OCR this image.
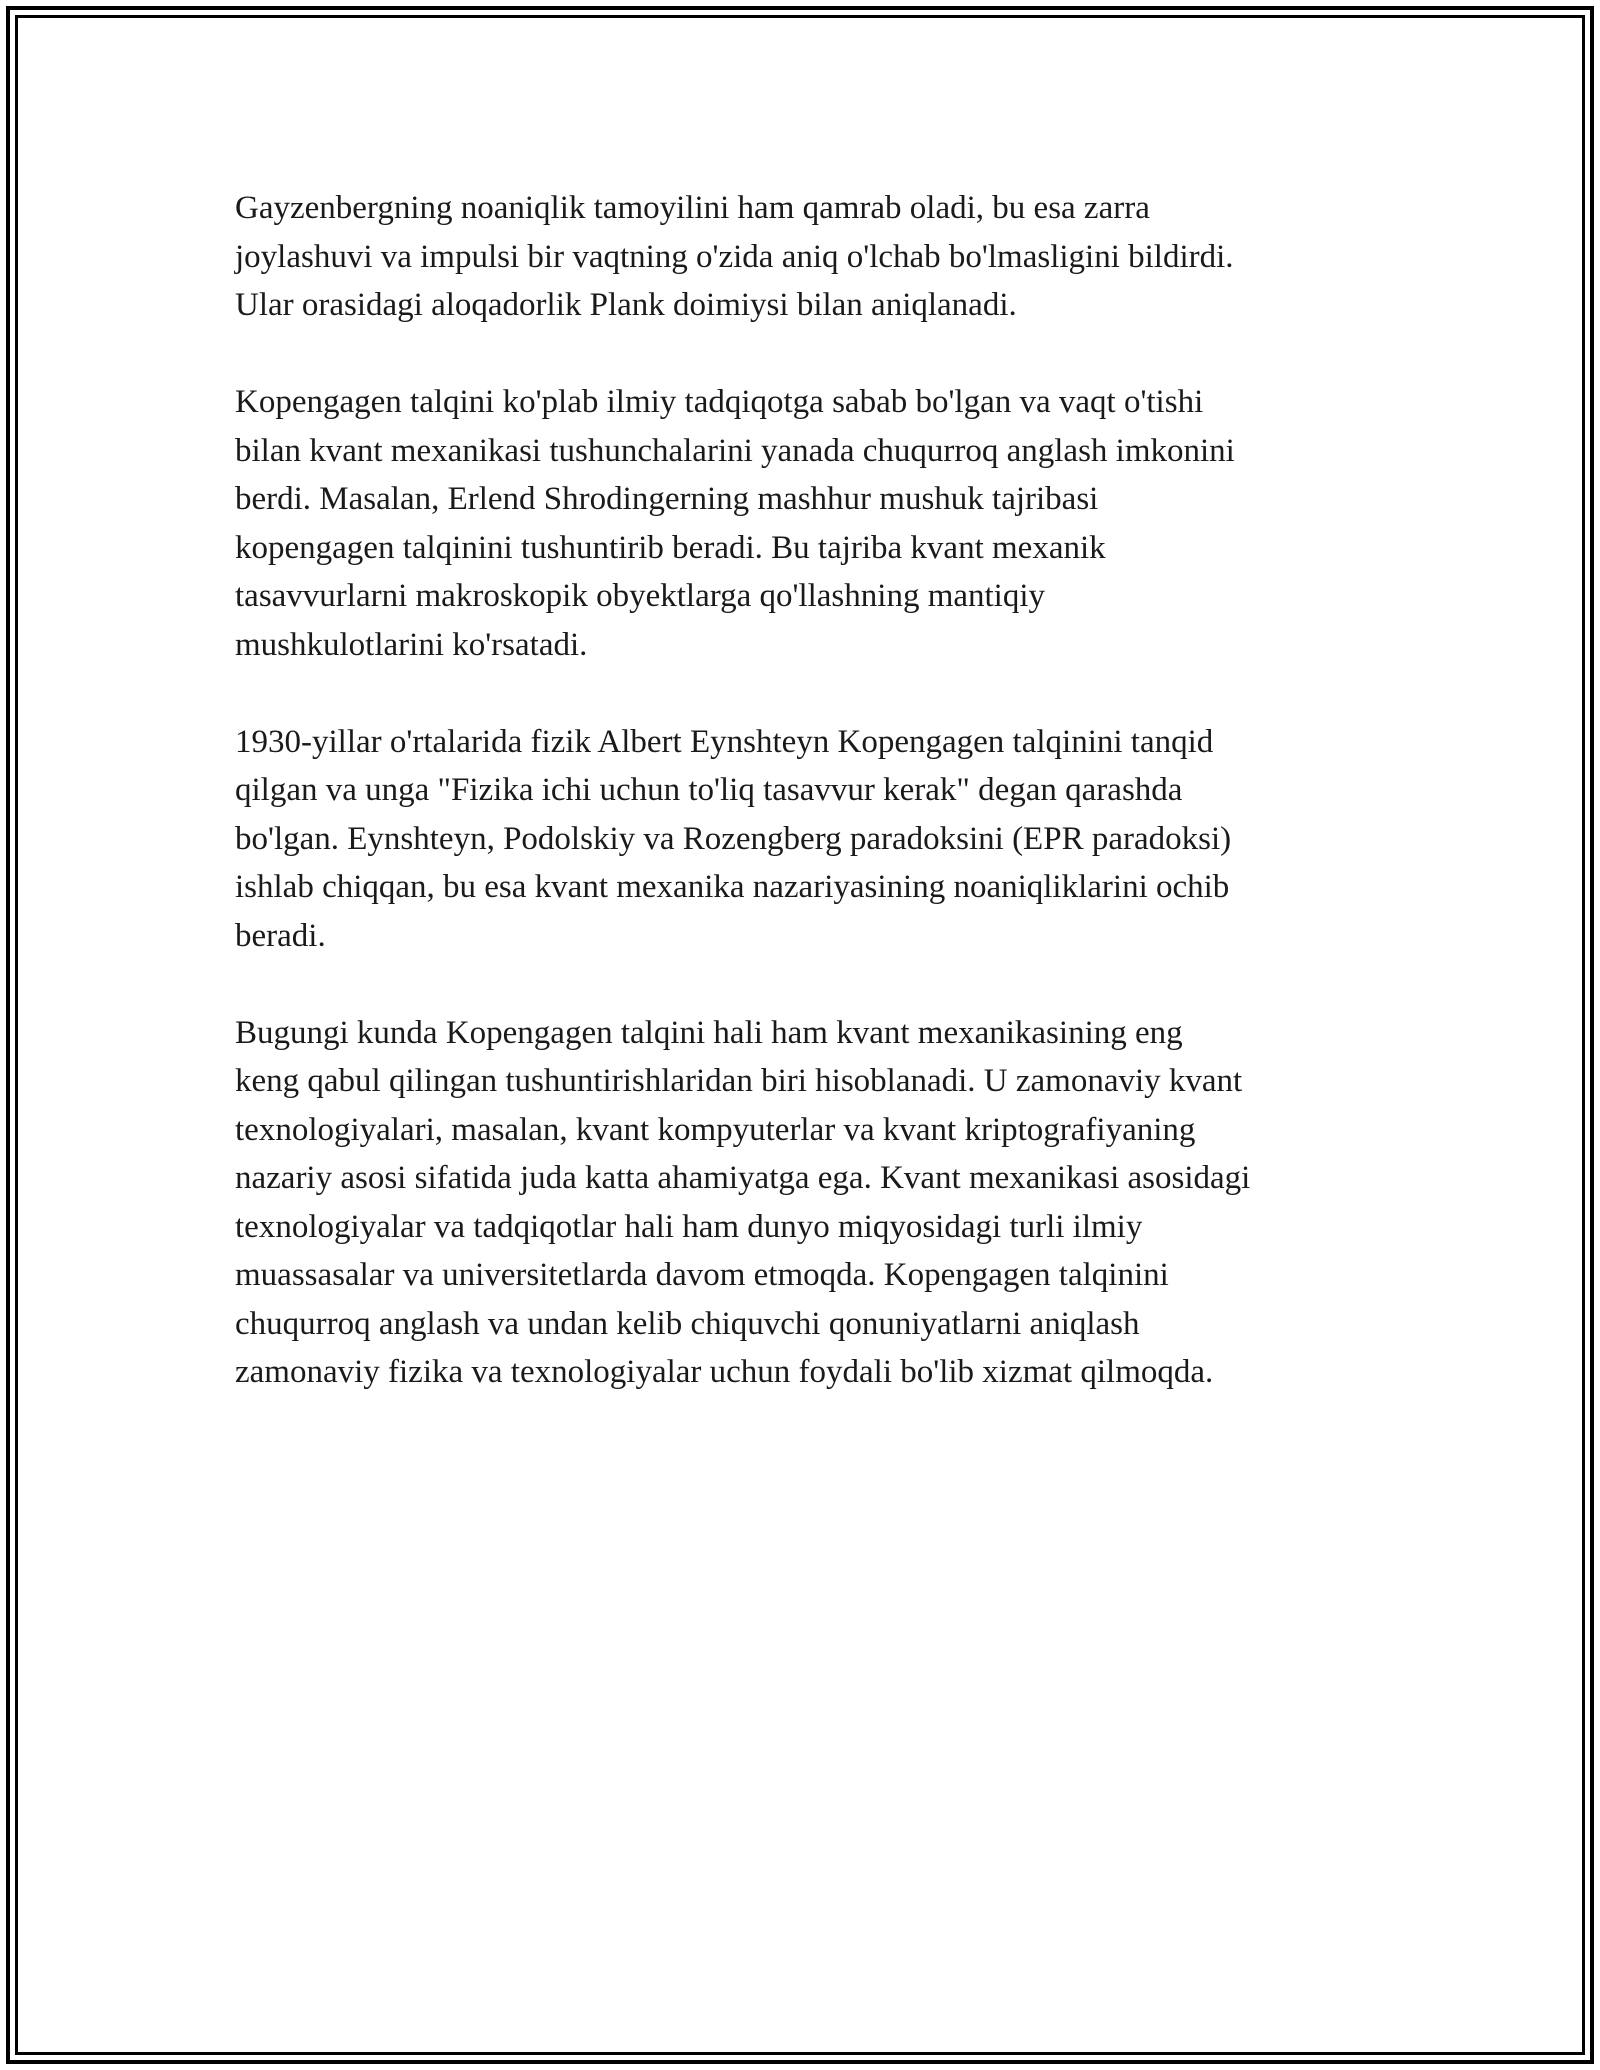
Gayzenbergning noaniqlik tamoyilini ham qamrab oladi, bu esa zarra
joylashuvi va impulsi bir vaqtning o'zida aniq o'lchab bo'lmasligini bildirdi.
Ular orasidagi aloqadorlik Plank doimiysi bilan aniqlanadi.

Kopengagen talqini ko'plab ilmiy tadqiqotga sabab bo'lgan va vaqt o'tishi
bilan kvant mexanikasi tushunchalarini yanada chuqurroq anglash imkonini
berdi. Masalan, Erlend Shrodingerning mashhur mushuk tajribasi
kopengagen talqinini tushuntirib beradi. Bu tajriba kvant mexanik
tasavvurlarni makroskopik obyektlarga qo'llashning mantiqiy
mushkulotlarini ko'rsatadi.

1930-yillar o'rtalarida fizik Albert Eynshteyn Kopengagen talqinini tanqid
qilgan va unga "Fizika ichi uchun to'liq tasavvur kerak" degan qarashda
bo'lgan. Eynshteyn, Podolskiy va Rozengberg paradoksini (EPR paradoksi)
ishlab chiqqan, bu esa kvant mexanika nazariyasining noaniqliklarini ochib
beradi.

Bugungi kunda Kopengagen talqini hali ham kvant mexanikasining eng
keng qabul qilingan tushuntirishlaridan biri hisoblanadi. U zamonaviy kvant
texnologiyalari, masalan, kvant kompyuterlar va kvant kriptografiyaning
nazariy asosi sifatida juda katta ahamiyatga ega. Kvant mexanikasi asosidagi
texnologiyalar va tadqiqotlar hali ham dunyo miqyosidagi turli ilmiy
muassasalar va universitetlarda davom etmoqda. Kopengagen talqinini
chuqurroq anglash va undan kelib chiquvchi qonuniyatlarni aniqlash
zamonaviy fizika va texnologiyalar uchun foydali bo'lib xizmat qilmoqda.
